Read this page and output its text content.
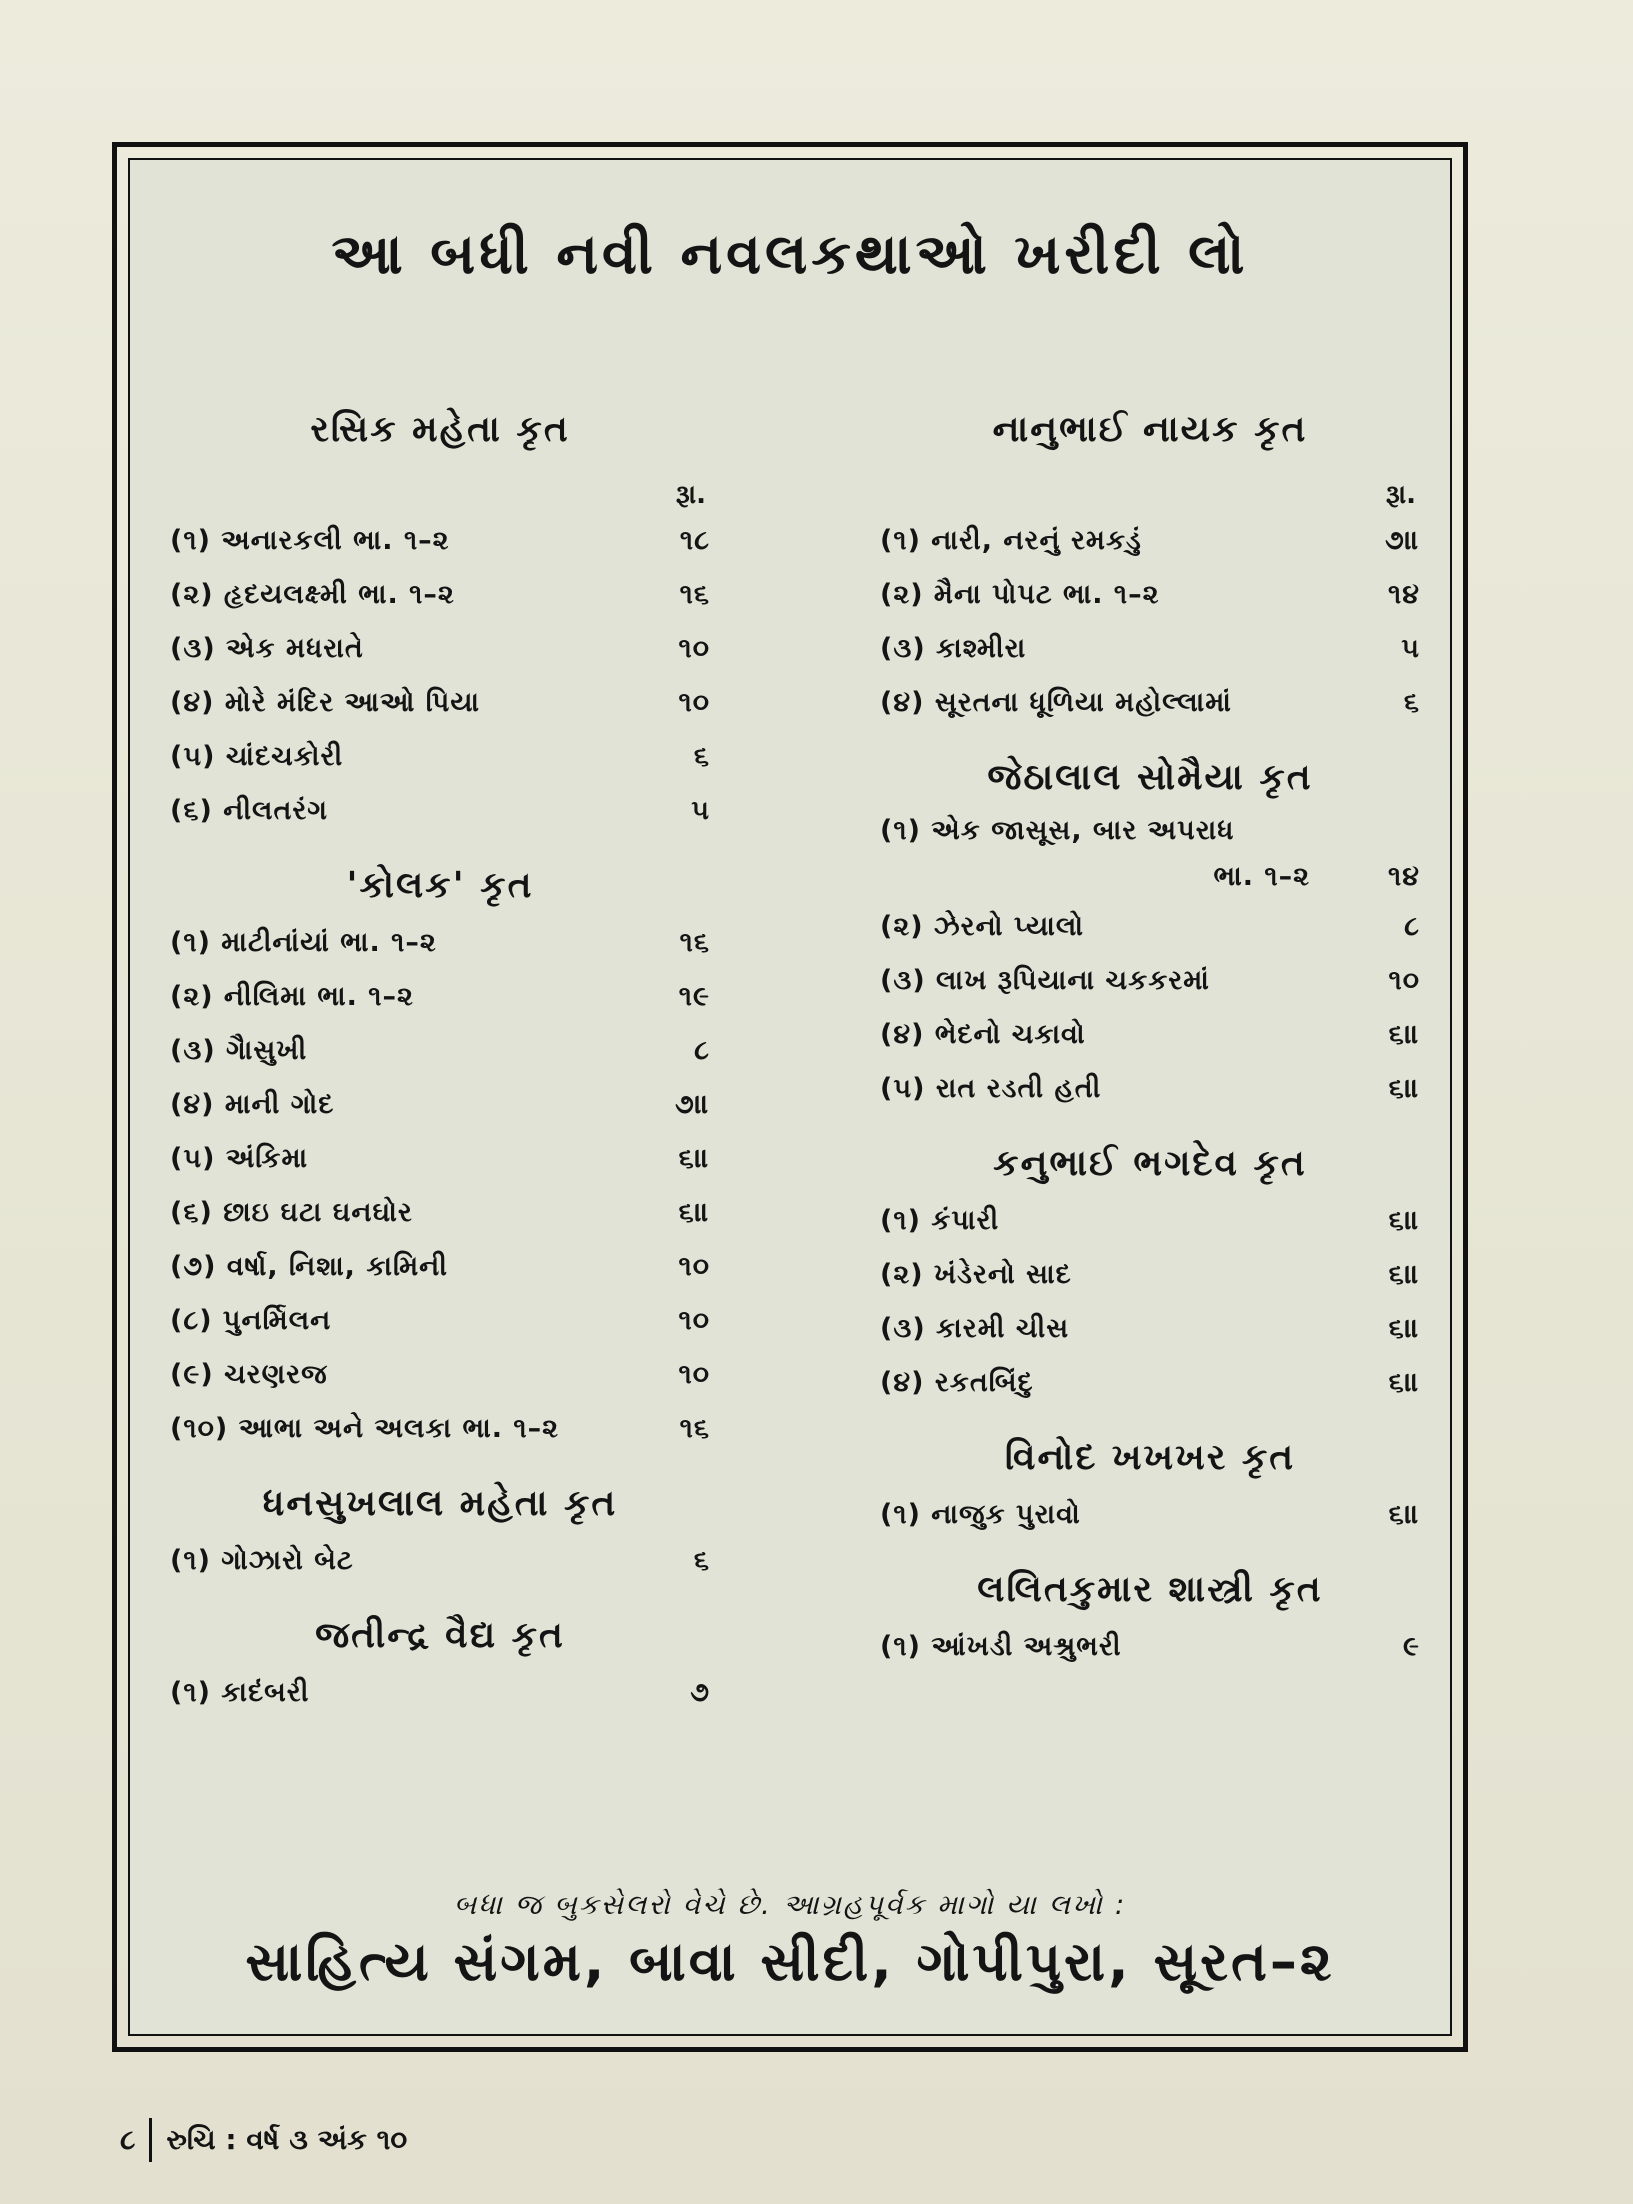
આ બધી નવી નવલકથાઓ ખરીદી લો
રસિક મહેતા કૃત
રૂા.
(૧) અનારકલી ભા. ૧–૨	૧૮
(૨) હૃદયલક્ષ્મી ભા. ૧–૨	૧૬
(૩) એક મધરાતે	૧૦
(૪) મોરે મંદિર આઓ પિયા	૧૦
(૫) ચાંદચકોરી	૬
(૬) નીલતરંગ	૫
'કોલક' કૃત
(૧) માટીનાંયાં ભા. ૧–૨	૧૬
(૨) નીલિમા ભા. ૧–૨	૧૯
(૩) ગૈાસુખી	૮
(૪) માની ગોદ	૭॥
(૫) અંકિમા	૬॥
(૬) છાઇ ઘટા ઘનઘોર	૬॥
(૭) વર્ષા, નિશા, કામિની	૧૦
(૮) પુનર્મિલન	૧૦
(૯) ચરણરજ	૧૦
(૧૦) આભા અને અલકા ભા. ૧–૨	૧૬
ધનસુખલાલ મહેતા કૃત
(૧) ગોઝારો બેટ	૬
જતીન્દ્ર વૈદ્ય કૃત
(૧) કાદંબરી	૭
નાનુભાઈ નાયક કૃત
રૂા.
(૧) નારી, નરનું રમકડું	૭॥
(૨) મૈના પોપટ ભા. ૧–૨	૧૪
(૩) કાશ્મીરા	૫
(૪) સૂરતના ધૂળિયા મહોલ્લામાં	૬
જેઠાલાલ સોમૈયા કૃત
(૧) એક જાસૂસ, બાર અપરાધ
ભા. ૧–૨	૧૪
(૨) ઝેરનો પ્યાલો	૮
(૩) લાખ રૂપિયાના ચકકરમાં	૧૦
(૪) ભેદનો ચકાવો	૬॥
(૫) રાત રડતી હતી	૬॥
કનુભાઈ ભગદેવ કૃત
(૧) કંપારી	૬॥
(૨) ખંડેરનો સાદ	૬॥
(૩) કારમી ચીસ	૬॥
(૪) રકતબિંદુ	૬॥
વિનોદ ખખખર કૃત
(૧) નાજુક પુરાવો	૬॥
લલિતકુમાર શાસ્ત્રી કૃત
(૧) આંખડી અશ્રુભરી	૯
બધા જ બુકસેલરો વેચે છે. આગ્રહપૂર્વક માગો યા લખો :
સાહિત્ય સંગમ, બાવા સીદી, ગોપીપુરા, સૂરત–૨
૮ રુચિ : વર્ષ ૩ અંક ૧૦
